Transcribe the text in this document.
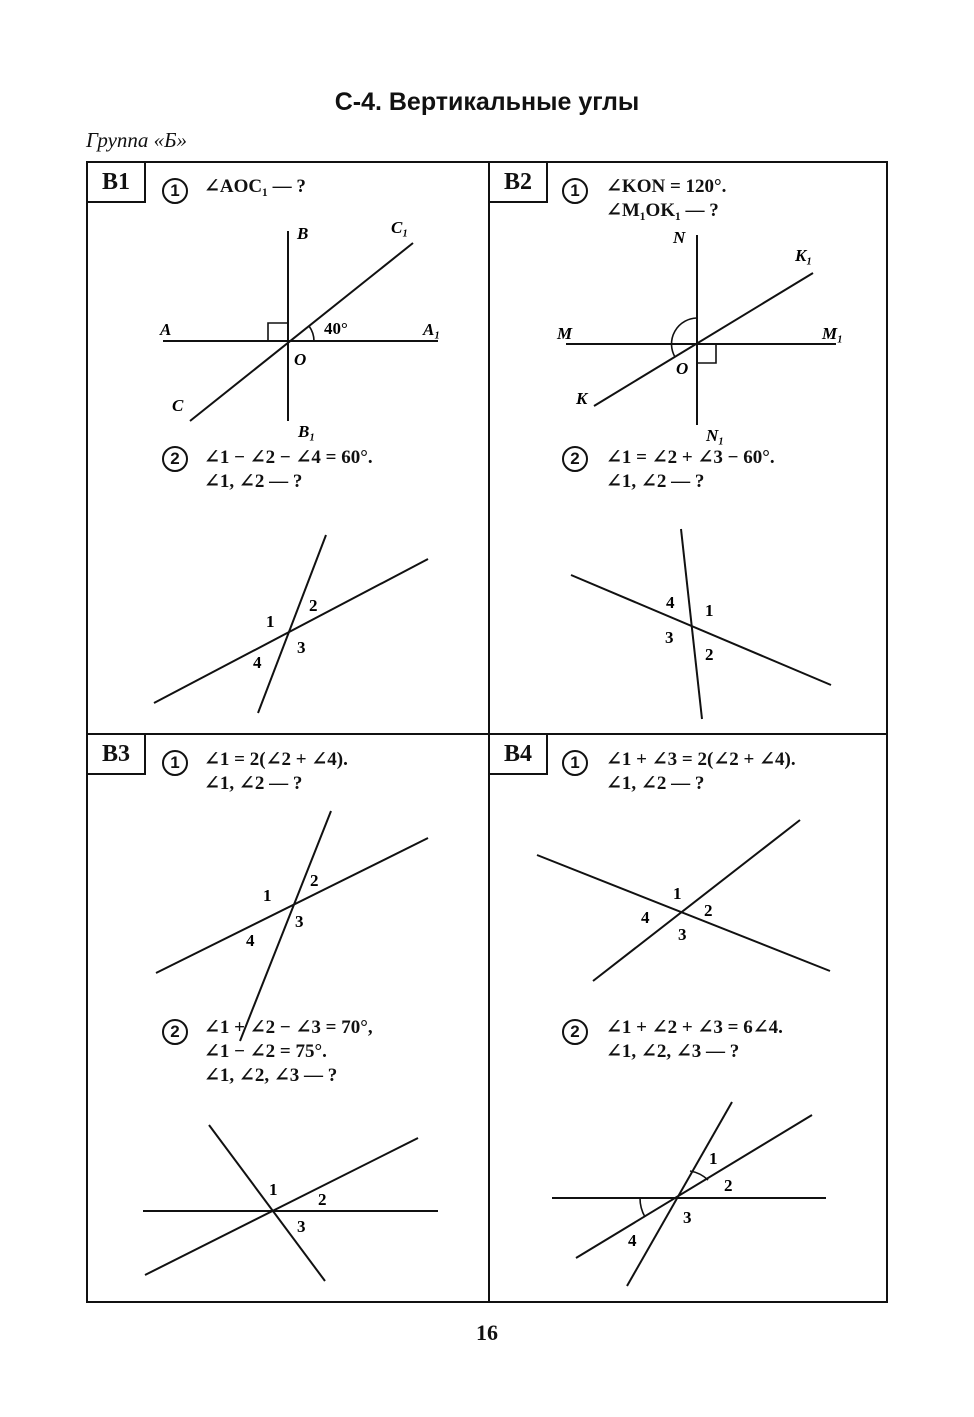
С-4. Вертикальные углы
Группа «Б»
B	C₁
A	A₁
O
C
B₁
40°
1
2
3
4
В1	1	∠AOC₁ — ?
2	∠1 − ∠2 − ∠4 = 60°.
∠1, ∠2 — ?
N
K₁
M	M₁
O
K
N₁
4 1
3
2
В2	1	∠KON = 120°.
∠M₁OK₁ — ?
2	∠1 = ∠2 + ∠3 − 60°.
∠1, ∠2 — ?
1
2
3
4
1
2
3
В3	1	∠1 = 2(∠2 + ∠4).
∠1, ∠2 — ?
2	∠1 + ∠2 − ∠3 = 70°,
∠1 − ∠2 = 75°.
∠1, ∠2, ∠3 — ?
1
4	2
3
1
2
3
4
В4	1	∠1 + ∠3 = 2(∠2 + ∠4).
∠1, ∠2 — ?
2	∠1 + ∠2 + ∠3 = 6∠4.
∠1, ∠2, ∠3 — ?
16
